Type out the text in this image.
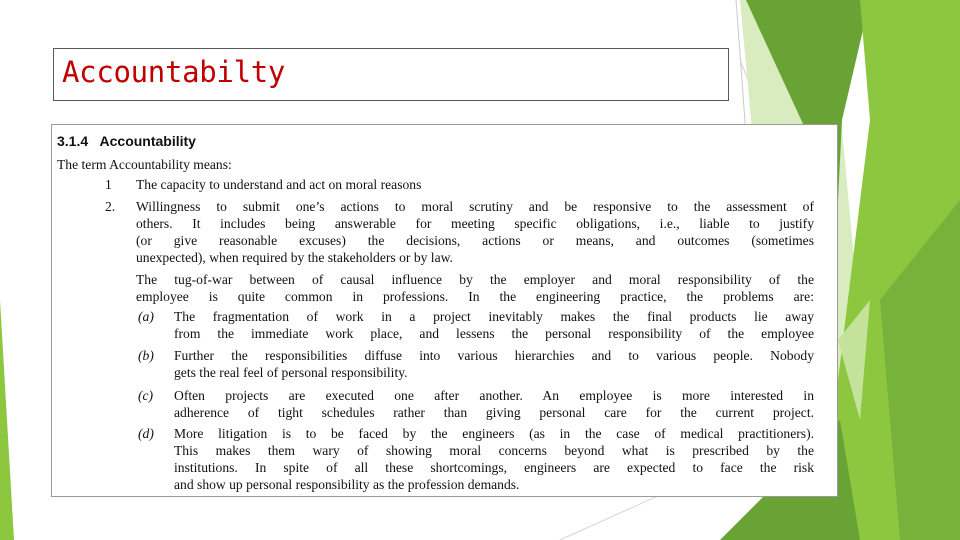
Accountabilty
3.1.4 Accountability
The term Accountability means:
1 The capacity to understand and act on moral reasons
2. Willingness to submit one’s actions to moral scrutiny and be responsive to the assessment of
others. It includes being answerable for meeting specific obligations, i.e., liable to justify
(or give reasonable excuses) the decisions, actions or means, and outcomes (sometimes
unexpected), when required by the stakeholders or by law.
The tug-of-war between of causal influence by the employer and moral responsibility of the
employee is quite common in professions. In the engineering practice, the problems are:
(a) The fragmentation of work in a project inevitably makes the final products lie away
from the immediate work place, and lessens the personal responsibility of the employee
(b) Further the responsibilities diffuse into various hierarchies and to various people. Nobody
gets the real feel of personal responsibility.
(c) Often projects are executed one after another. An employee is more interested in
adherence of tight schedules rather than giving personal care for the current project.
(d) More litigation is to be faced by the engineers (as in the case of medical practitioners).
This makes them wary of showing moral concerns beyond what is prescribed by the
institutions. In spite of all these shortcomings, engineers are expected to face the risk
and show up personal responsibility as the profession demands.
